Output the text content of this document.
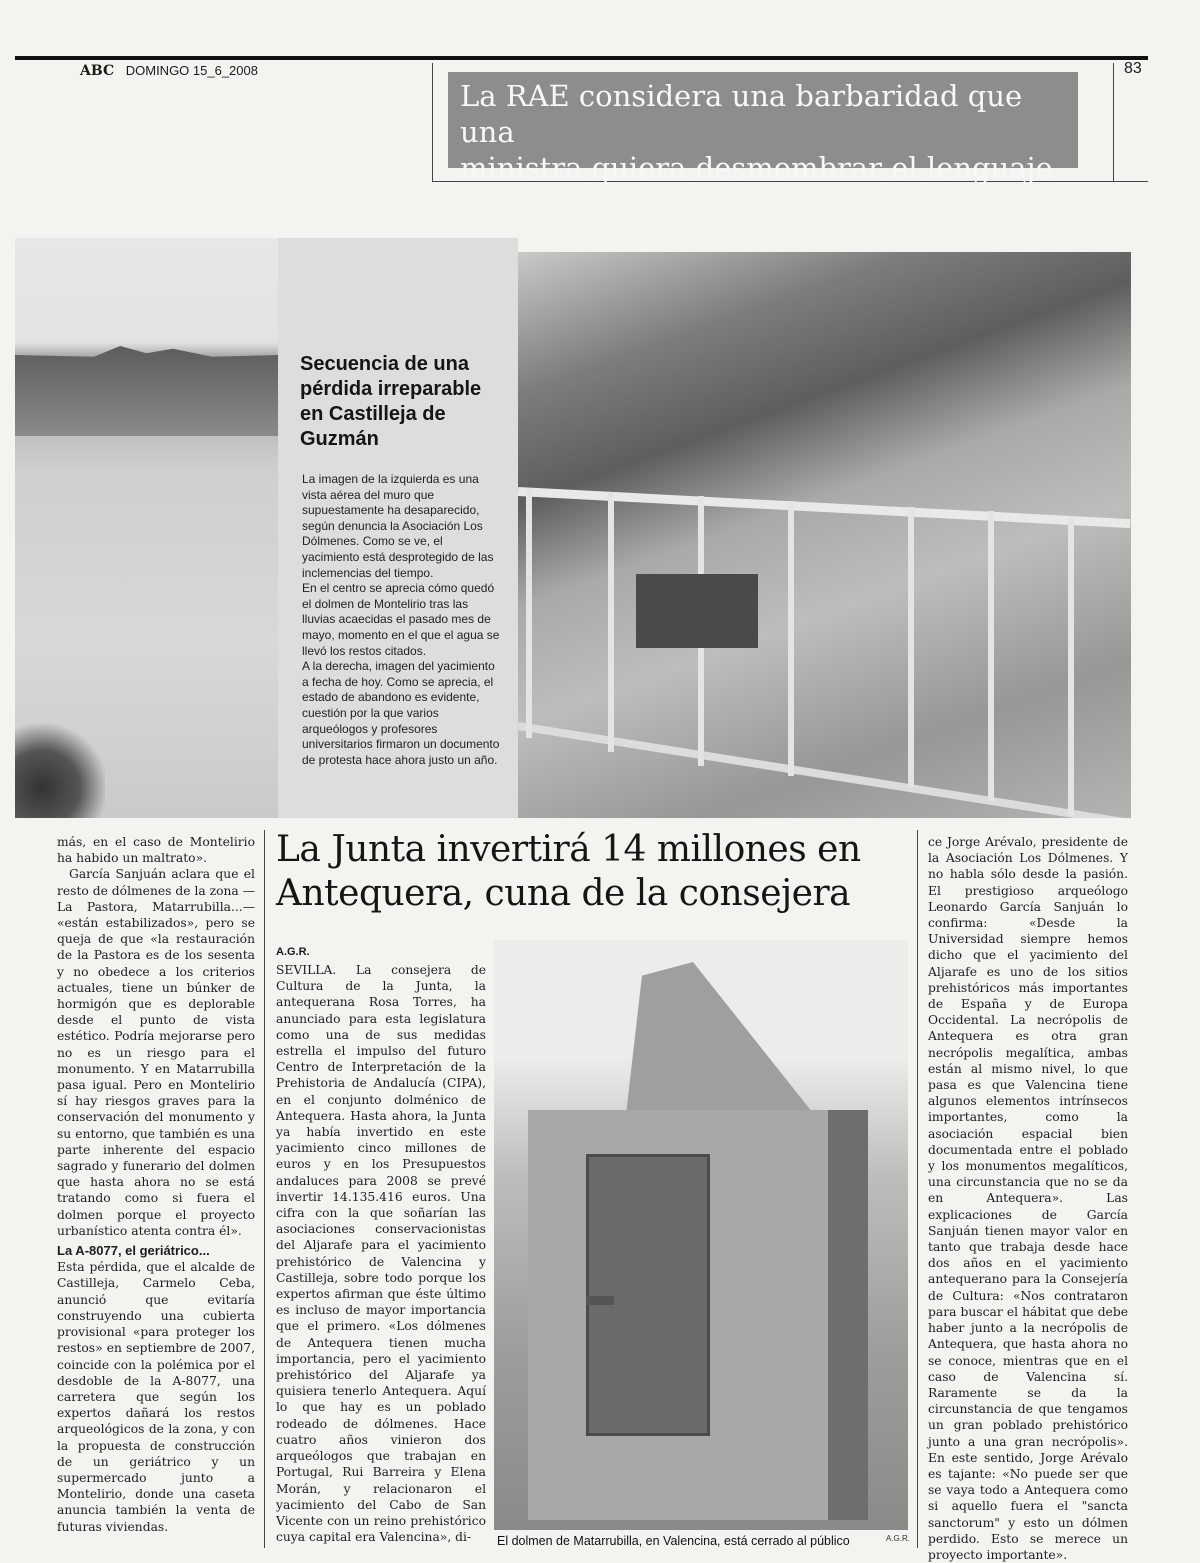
ABC DOMINGO 15_6_2008	83
La RAE considera una barbaridad que una
ministra quiera desmembrar el lenguaje
Secuencia de una pérdida irreparable en Castilleja de Guzmán

La imagen de la izquierda es una vista aérea del muro que supuestamente ha desaparecido, según denuncia la Asociación Los Dólmenes. Como se ve, el yacimiento está desprotegido de las inclemencias del tiempo.

En el centro se aprecia cómo quedó el dolmen de Montelirio tras las lluvias acaecidas el pasado mes de mayo, momento en el que el agua se llevó los restos citados.

A la derecha, imagen del yacimiento a fecha de hoy. Como se aprecia, el estado de abandono es evidente, cuestión por la que varios arqueólogos y profesores universitarios firmaron un documento de protesta hace ahora justo un año.

más, en el caso de Montelirio ha habido un maltrato».

García Sanjuán aclara que el resto de dólmenes de la zona —La Pastora, Matarrubilla...— «están estabilizados», pero se queja de que «la restauración de la Pastora es de los sesenta y no obedece a los criterios actuales, tiene un búnker de hormigón que es deplorable desde el punto de vista estético. Podría mejorarse pero no es un riesgo para el monumento. Y en Matarrubilla pasa igual. Pero en Montelirio sí hay riesgos graves para la conservación del monumento y su entorno, que también es una parte inherente del espacio sagrado y funerario del dolmen que hasta ahora no se está tratando como si fuera el dolmen porque el proyecto urbanístico atenta contra él».

La A-8077, el geriátrico...

Esta pérdida, que el alcalde de Castilleja, Carmelo Ceba, anunció que evitaría construyendo una cubierta provisional «para proteger los restos» en septiembre de 2007, coincide con la polémica por el desdoble de la A-8077, una carretera que según los expertos dañará los restos arqueológicos de la zona, y con la propuesta de construcción de un geriátrico y un supermercado junto a Montelirio, donde una caseta anuncia también la venta de futuras viviendas.

La Junta invertirá 14 millones en Antequera, cuna de la consejera
A.G.R.

SEVILLA. La consejera de Cultura de la Junta, la antequerana Rosa Torres, ha anunciado para esta legislatura como una de sus medidas estrella el impulso del futuro Centro de Interpretación de la Prehistoria de Andalucía (CIPA), en el conjunto dolménico de Antequera. Hasta ahora, la Junta ya había invertido en este yacimiento cinco millones de euros y en los Presupuestos andaluces para 2008 se prevé invertir 14.135.416 euros. Una cifra con la que soñarían las asociaciones conservacionistas del Aljarafe para el yacimiento prehistórico de Valencina y Castilleja, sobre todo porque los expertos afirman que éste último es incluso de mayor importancia que el primero. «Los dólmenes de Antequera tienen mucha importancia, pero el yacimiento prehistórico del Aljarafe ya quisiera tenerlo Antequera. Aquí lo que hay es un poblado rodeado de dólmenes. Hace cuatro años vinieron dos arqueólogos que trabajan en Portugal, Rui Barreira y Elena Morán, y relacionaron el yacimiento del Cabo de San Vicente con un reino prehistórico cuya capital era Valencina», di-	El dolmen de Matarrubilla, en Valencina, está cerrado al público	A.G.R.

ce Jorge Arévalo, presidente de la Asociación Los Dólmenes. Y no habla sólo desde la pasión. El prestigioso arqueólogo Leonardo García Sanjuán lo confirma: «Desde la Universidad siempre hemos dicho que el yacimiento del Aljarafe es uno de los sitios prehistóricos más importantes de España y de Europa Occidental. La necrópolis de Antequera es otra gran necrópolis megalítica, ambas están al mismo nivel, lo que pasa es que Valencina tiene algunos elementos intrínsecos importantes, como la asociación espacial bien documentada entre el poblado y los monumentos megalíticos, una circunstancia que no se da en Antequera». Las explicaciones de García Sanjuán tienen mayor valor en tanto que trabaja desde hace dos años en el yacimiento antequerano para la Consejería de Cultura: «Nos contrataron para buscar el hábitat que debe haber junto a la necrópolis de Antequera, que hasta ahora no se conoce, mientras que en el caso de Valencina sí. Raramente se da la circunstancia de que tengamos un gran poblado prehistórico junto a una gran necrópolis». En este sentido, Jorge Arévalo es tajante: «No puede ser que se vaya todo a Antequera como si aquello fuera el "sancta sanctorum" y esto un dólmen perdido. Esto se merece un proyecto importante».
